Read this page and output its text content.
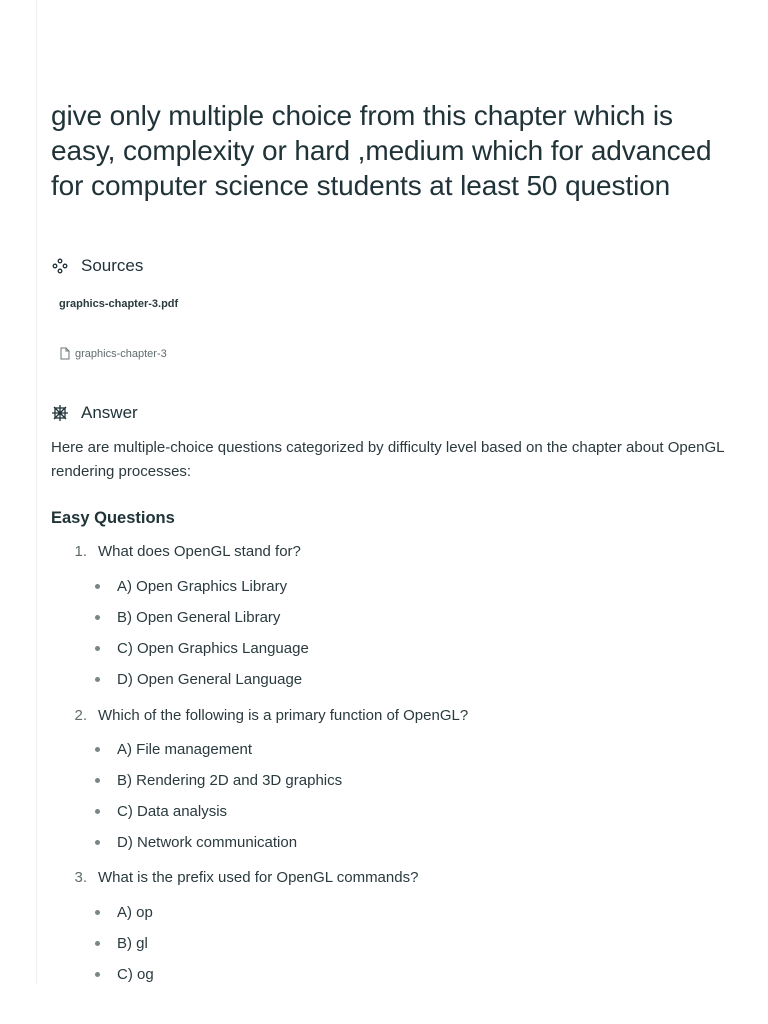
give only multiple choice from this chapter which is easy, complexity or hard ,medium which for advanced for computer science students at least 50 question
Sources
graphics-chapter-3.pdf
graphics-chapter-3
Answer

Here are multiple-choice questions categorized by difficulty level based on the chapter about OpenGL rendering processes:

Easy Questions
1. What does OpenGL stand for?
A) Open Graphics Library
B) Open General Library
C) Open Graphics Language
D) Open General Language
2. Which of the following is a primary function of OpenGL?
A) File management
B) Rendering 2D and 3D graphics
C) Data analysis
D) Network communication
3. What is the prefix used for OpenGL commands?
A) op
B) gl
C) og
